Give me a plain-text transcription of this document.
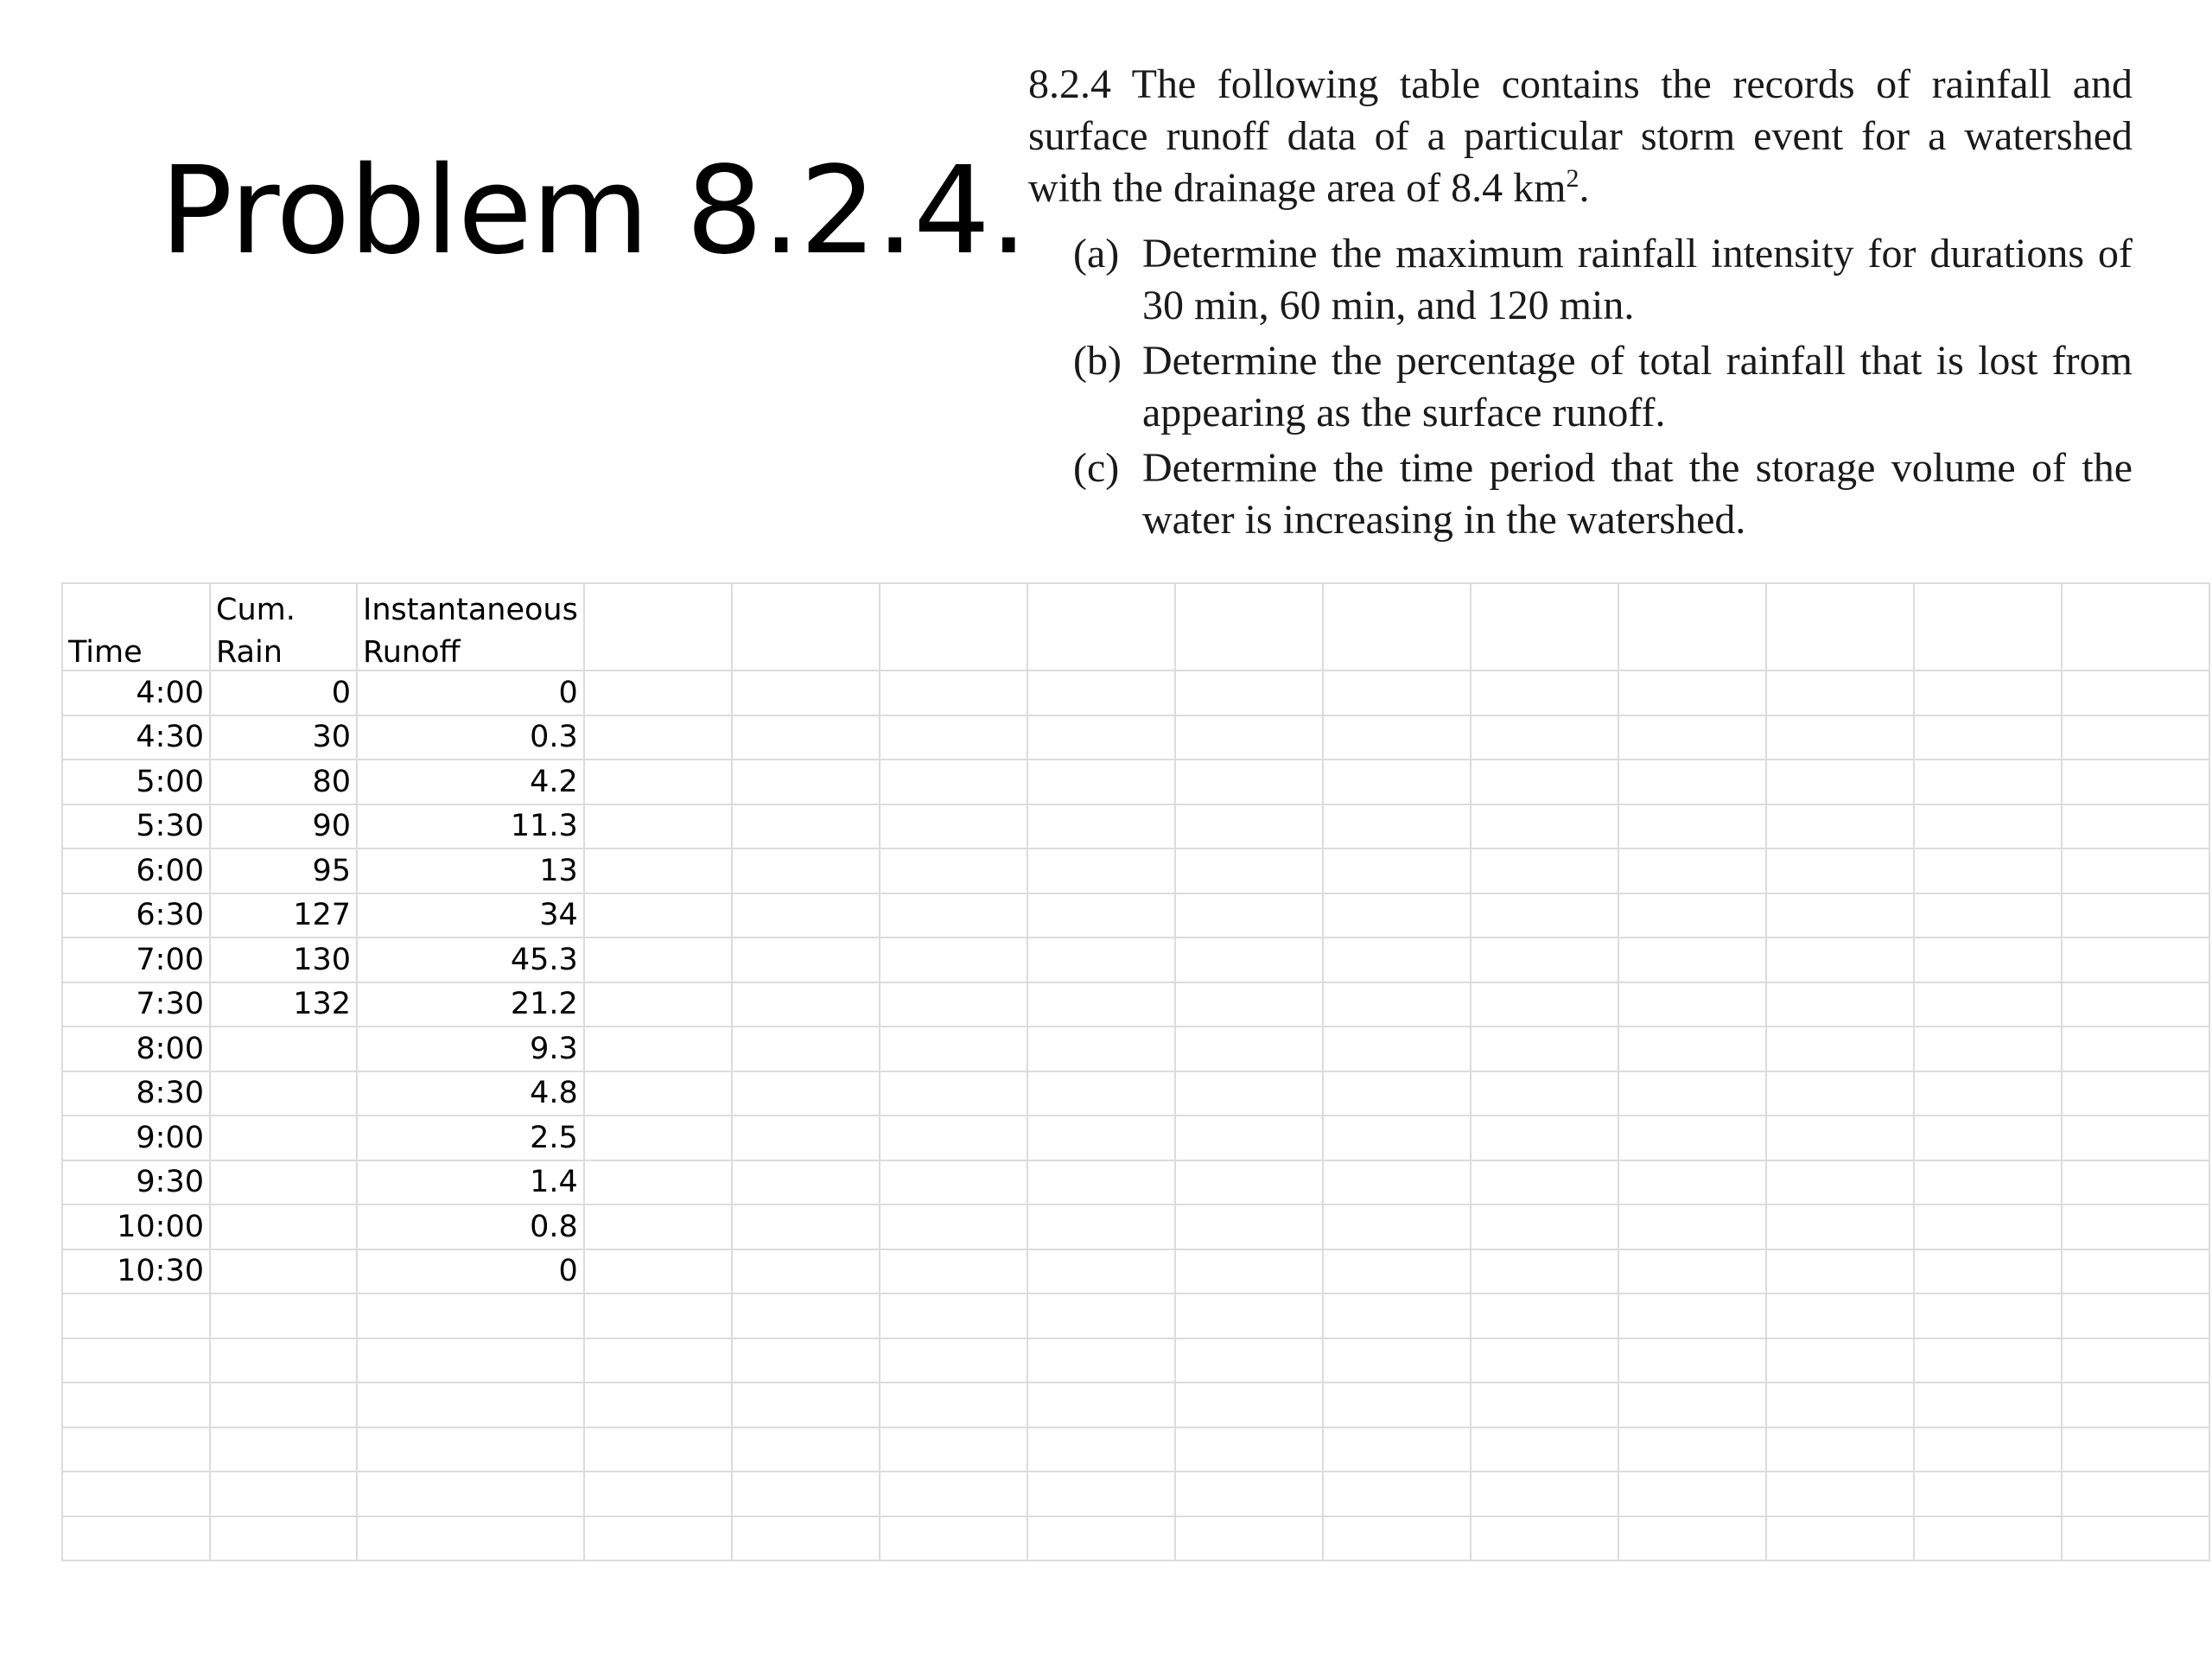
Problem 8.2.4.

8.2.4 The following table contains the records of rainfall and surface runoff data of a particular storm event for a watershed with the drainage area of 8.4 $km^2$.

(a) Determine the maximum rainfall intensity for durations of 30 min, 60 min, and 120 min.
(b) Determine the percentage of total rainfall that is lost from appearing as the surface runoff.
(c) Determine the time period that the storage volume of the water is increasing in the watershed.
	Cum.	Instantaneous											
Time	Rain	Runoff											
4:00	0	0											
4:30	30	0.3											
5:00	80	4.2											
5:30	90	11.3											
6:00	95	13											
6:30	127	34											
7:00	130	45.3											
7:30	132	21.2											
8:00		9.3											
8:30		4.8											
9:00		2.5											
9:30		1.4											
10:00		0.8											
10:30		0											
